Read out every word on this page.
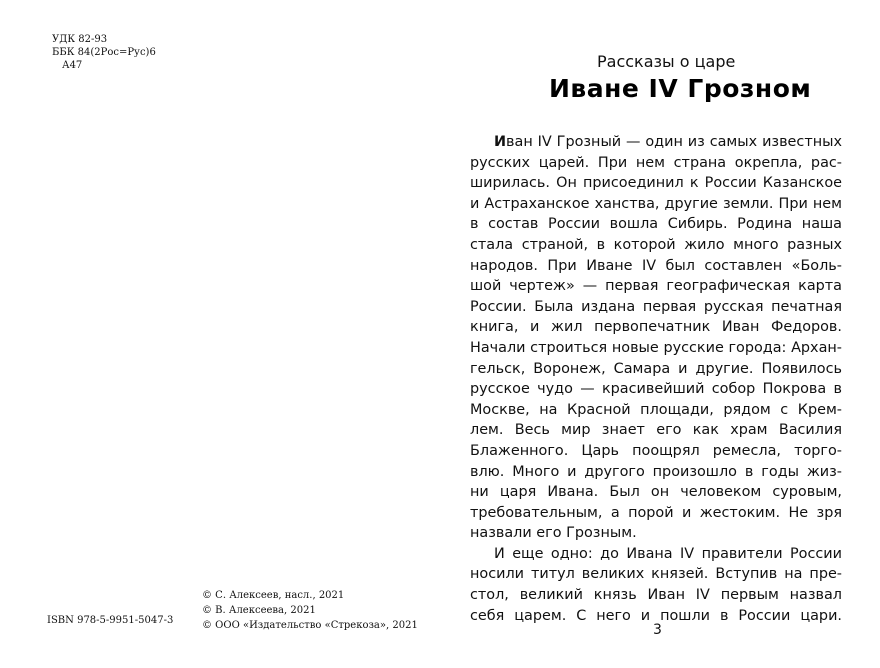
УДК 82-93
ББК 84(2Рос=Рус)6
А47
ISBN 978-5-9951-5047-3
© С. Алексеев, насл., 2021
© В. Алексеева, 2021
© ООО «Издательство «Стрекоза», 2021
Рассказы о царе
Иване IV Грозном
Иван IV Грозный — один из самых известных
русских царей. При нем страна окрепла, рас-
ширилась. Он присоединил к России Казанское
и Астраханское ханства, другие земли. При нем
в состав России вошла Сибирь. Родина наша
стала страной, в которой жило много разных
народов. При Иване IV был составлен «Боль-
шой чертеж» — первая географическая карта
России. Была издана первая русская печатная
книга, и жил первопечатник Иван Федоров.
Начали строиться новые русские города: Архан-
гельск, Воронеж, Самара и другие. Появилось
русское чудо — красивейший собор Покрова в
Москве, на Красной площади, рядом с Крем-
лем. Весь мир знает его как храм Василия
Блаженного. Царь поощрял ремесла, торго-
влю. Много и другого произошло в годы жиз-
ни царя Ивана. Был он человеком суровым,
требовательным, а порой и жестоким. Не зря
назвали его Грозным.
И еще одно: до Ивана IV правители России
носили титул великих князей. Вступив на пре-
стол, великий князь Иван IV первым назвал
себя царем. С него и пошли в России цари.
3
